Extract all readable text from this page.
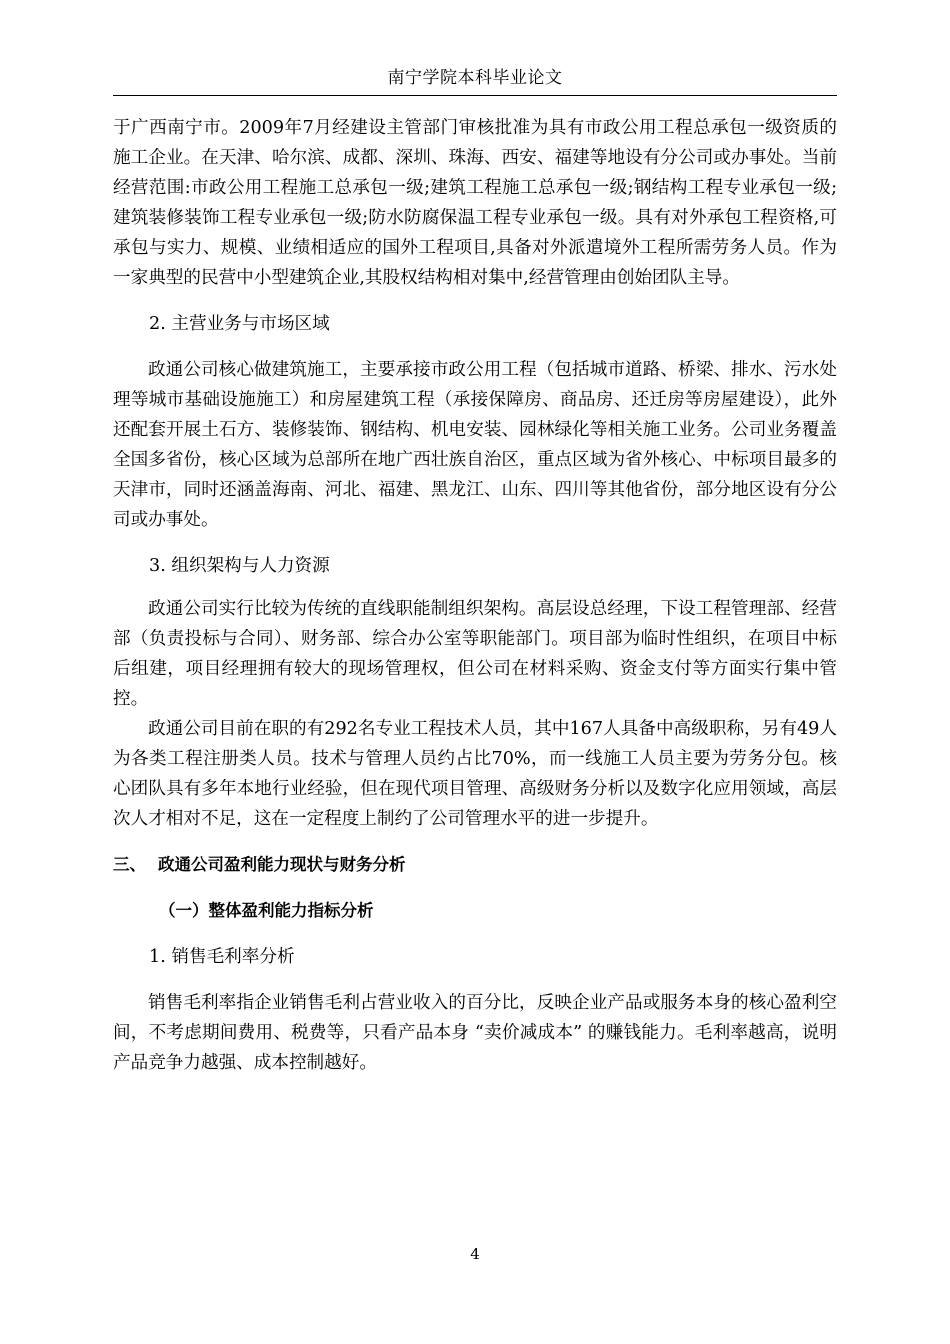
南宁学院本科毕业论文

于广西南宁市。2009年7月经建设主管部门审核批准为具有市政公用工程总承包一级资质的施工企业。在天津、哈尔滨、成都、深圳、珠海、西安、福建等地设有分公司或办事处。当前经营范围:市政公用工程施工总承包一级;建筑工程施工总承包一级;钢结构工程专业承包一级;建筑装修装饰工程专业承包一级;防水防腐保温工程专业承包一级。具有对外承包工程资格,可承包与实力、规模、业绩相适应的国外工程项目,具备对外派遣境外工程所需劳务人员。作为一家典型的民营中小型建筑企业,其股权结构相对集中,经营管理由创始团队主导。

2. 主营业务与市场区域

政通公司核心做建筑施工，主要承接市政公用工程（包括城市道路、桥梁、排水、污水处理等城市基础设施施工）和房屋建筑工程（承接保障房、商品房、还迁房等房屋建设），此外还配套开展土石方、装修装饰、钢结构、机电安装、园林绿化等相关施工业务。公司业务覆盖全国多省份，核心区域为总部所在地广西壮族自治区，重点区域为省外核心、中标项目最多的天津市，同时还涵盖海南、河北、福建、黑龙江、山东、四川等其他省份，部分地区设有分公司或办事处。

3. 组织架构与人力资源

政通公司实行比较为传统的直线职能制组织架构。高层设总经理，下设工程管理部、经营部（负责投标与合同）、财务部、综合办公室等职能部门。项目部为临时性组织，在项目中标后组建，项目经理拥有较大的现场管理权，但公司在材料采购、资金支付等方面实行集中管控。

政通公司目前在职的有292名专业工程技术人员，其中167人具备中高级职称，另有49人为各类工程注册类人员。技术与管理人员约占比70%，而一线施工人员主要为劳务分包。核心团队具有多年本地行业经验，但在现代项目管理、高级财务分析以及数字化应用领域，高层次人才相对不足，这在一定程度上制约了公司管理水平的进一步提升。

三、 政通公司盈利能力现状与财务分析

（一）整体盈利能力指标分析

1. 销售毛利率分析

销售毛利率指企业销售毛利占营业收入的百分比，反映企业产品或服务本身的核心盈利空间，不考虑期间费用、税费等，只看产品本身 “卖价减成本” 的赚钱能力。毛利率越高，说明产品竞争力越强、成本控制越好。

4
